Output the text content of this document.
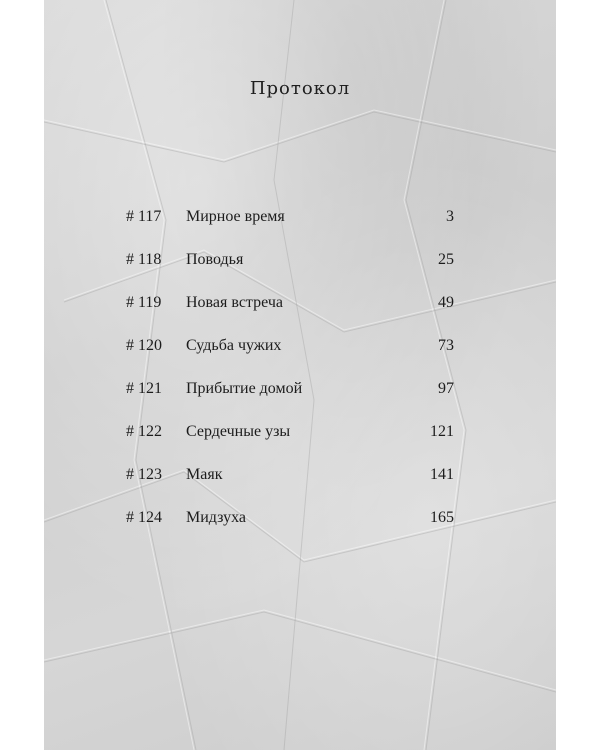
Протокол
# 117	Мирное время	3
# 118	Поводья	25
# 119	Новая встреча	49
# 120	Судьба чужих	73
# 121	Прибытие домой	97
# 122	Сердечные узы	121
# 123	Маяк	141
# 124	Мидзуха	165
